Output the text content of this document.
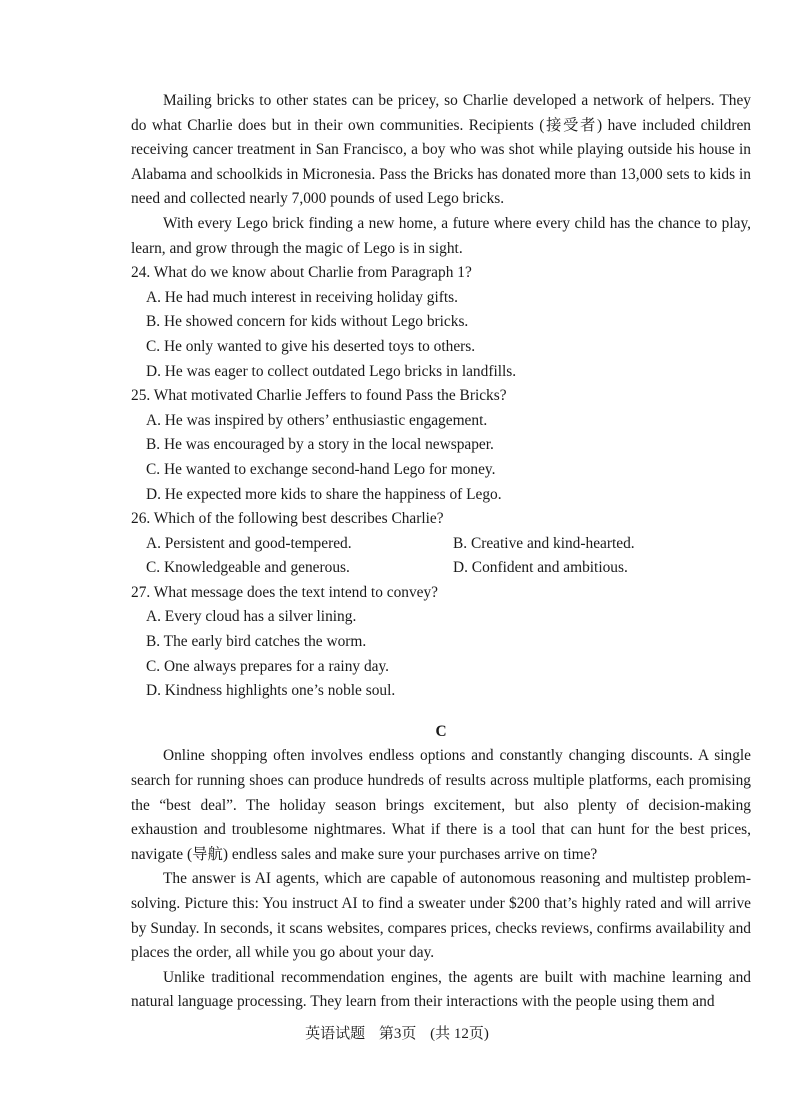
Mailing bricks to other states can be pricey, so Charlie developed a network of helpers. They do what Charlie does but in their own communities. Recipients (接受者) have included children receiving cancer treatment in San Francisco, a boy who was shot while playing outside his house in Alabama and schoolkids in Micronesia. Pass the Bricks has donated more than 13,000 sets to kids in need and collected nearly 7,000 pounds of used Lego bricks.

With every Lego brick finding a new home, a future where every child has the chance to play, learn, and grow through the magic of Lego is in sight.

24. What do we know about Charlie from Paragraph 1?

A. He had much interest in receiving holiday gifts.

B. He showed concern for kids without Lego bricks.

C. He only wanted to give his deserted toys to others.

D. He was eager to collect outdated Lego bricks in landfills.

25. What motivated Charlie Jeffers to found Pass the Bricks?

A. He was inspired by others’ enthusiastic engagement.

B. He was encouraged by a story in the local newspaper.

C. He wanted to exchange second-hand Lego for money.

D. He expected more kids to share the happiness of Lego.

26. Which of the following best describes Charlie?

A. Persistent and good-tempered.	B. Creative and kind-hearted.
C. Knowledgeable and generous.	D. Confident and ambitious.

27. What message does the text intend to convey?

A. Every cloud has a silver lining.

B. The early bird catches the worm.

C. One always prepares for a rainy day.

D. Kindness highlights one’s noble soul.

C

Online shopping often involves endless options and constantly changing discounts. A single search for running shoes can produce hundreds of results across multiple platforms, each promising the “best deal”. The holiday season brings excitement, but also plenty of decision-making exhaustion and troublesome nightmares. What if there is a tool that can hunt for the best prices, navigate (导航) endless sales and make sure your purchases arrive on time?

The answer is AI agents, which are capable of autonomous reasoning and multistep problem-solving. Picture this: You instruct AI to find a sweater under $200 that’s highly rated and will arrive by Sunday. In seconds, it scans websites, compares prices, checks reviews, confirms availability and places the order, all while you go about your day.

Unlike traditional recommendation engines, the agents are built with machine learning and natural language processing. They learn from their interactions with the people using them and

英语试题 第3页 (共 12页)
